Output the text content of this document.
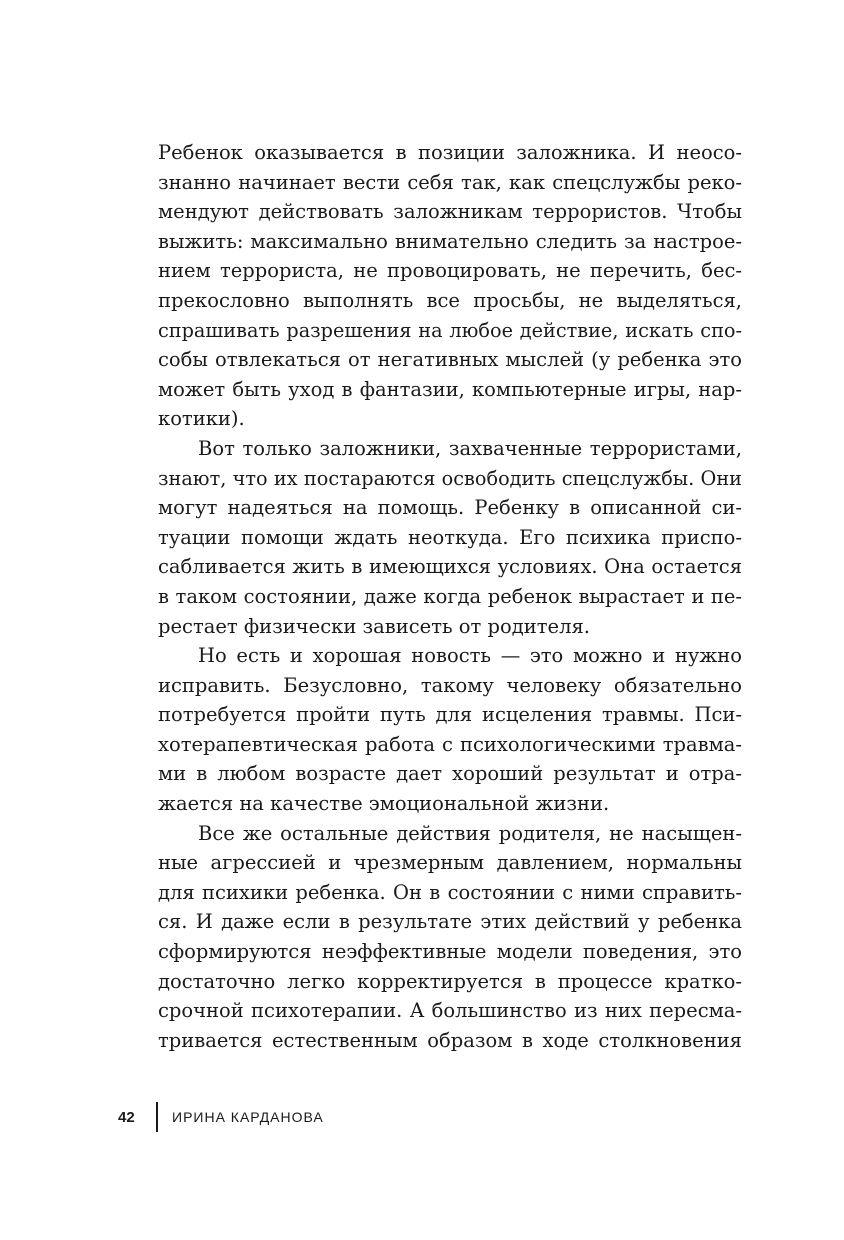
Ребенок оказывается в позиции заложника. И неосо-
знанно начинает вести себя так, как спецслужбы реко-
мендуют действовать заложникам террористов. Чтобы
выжить: максимально внимательно следить за настрое-
нием террориста, не провоцировать, не перечить, бес-
прекословно выполнять все просьбы, не выделяться,
спрашивать разрешения на любое действие, искать спо-
собы отвлекаться от негативных мыслей (у ребенка это
может быть уход в фантазии, компьютерные игры, нар-
котики).
Вот только заложники, захваченные террористами,
знают, что их постараются освободить спецслужбы. Они
могут надеяться на помощь. Ребенку в описанной си-
туации помощи ждать неоткуда. Его психика приспо-
сабливается жить в имеющихся условиях. Она остается
в таком состоянии, даже когда ребенок вырастает и пе-
рестает физически зависеть от родителя.
Но есть и хорошая новость — это можно и нужно
исправить. Безусловно, такому человеку обязательно
потребуется пройти путь для исцеления травмы. Пси-
хотерапевтическая работа с психологическими травма-
ми в любом возрасте дает хороший результат и отра-
жается на качестве эмоциональной жизни.
Все же остальные действия родителя, не насыщен-
ные агрессией и чрезмерным давлением, нормальны
для психики ребенка. Он в состоянии с ними справить-
ся. И даже если в результате этих действий у ребенка
сформируются неэффективные модели поведения, это
достаточно легко корректируется в процессе кратко-
срочной психотерапии. А большинство из них пересма-
тривается естественным образом в ходе столкновения
42	ИРИНА КАРДАНОВА
